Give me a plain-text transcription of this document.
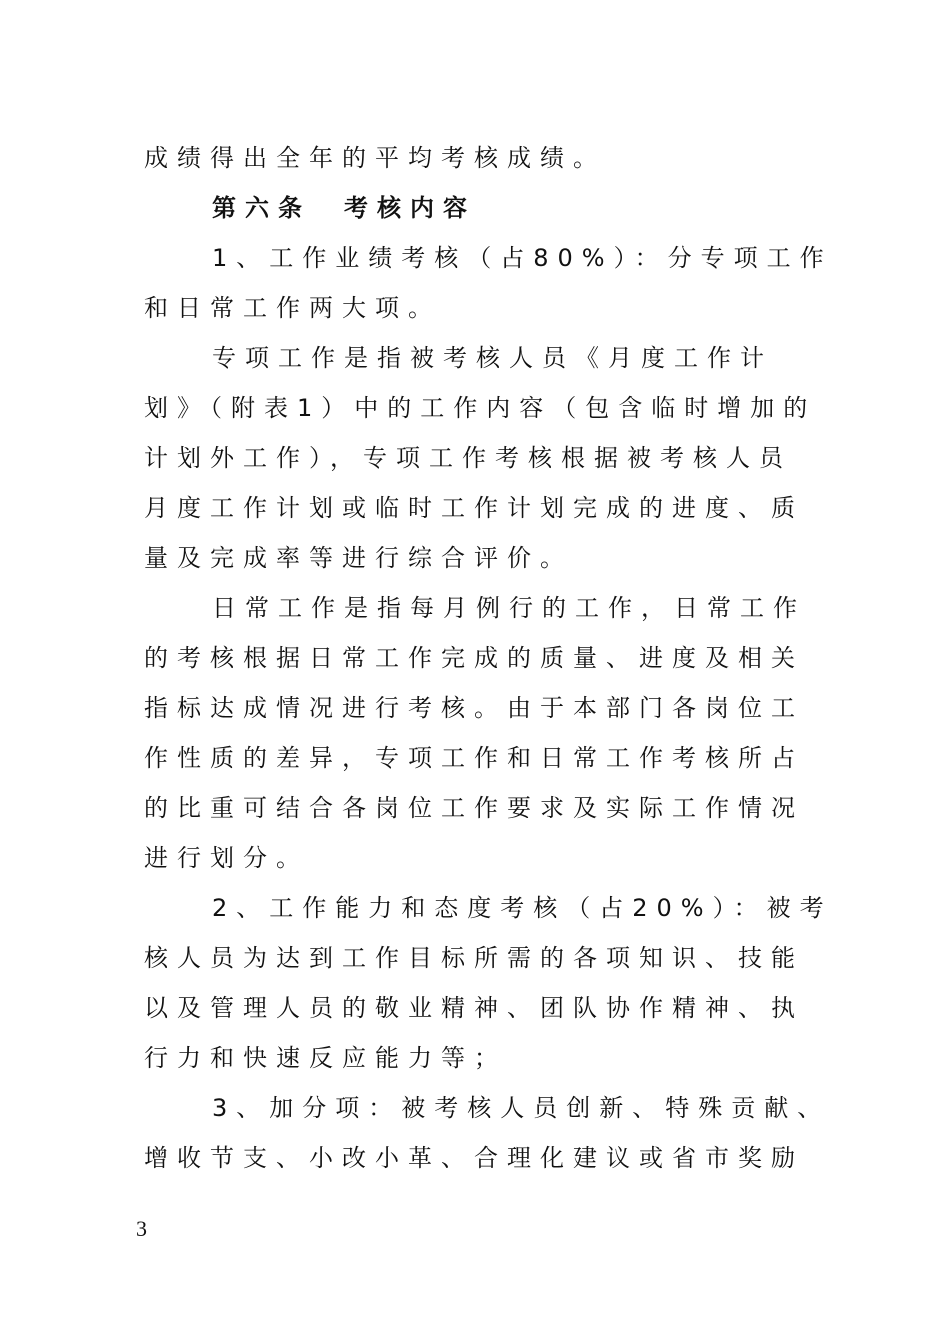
成绩得出全年的平均考核成绩。
第六条　考核内容
1、工作业绩考核（占80%）：分专项工作
和日常工作两大项。
专项工作是指被考核人员《月度工作计
划》（附表1）中的工作内容（包含临时增加的
计划外工作），专项工作考核根据被考核人员
月度工作计划或临时工作计划完成的进度、质
量及完成率等进行综合评价。
日常工作是指每月例行的工作，日常工作
的考核根据日常工作完成的质量、进度及相关
指标达成情况进行考核。由于本部门各岗位工
作性质的差异，专项工作和日常工作考核所占
的比重可结合各岗位工作要求及实际工作情况
进行划分。
2、工作能力和态度考核（占20%）：被考
核人员为达到工作目标所需的各项知识、技能
以及管理人员的敬业精神、团队协作精神、执
行力和快速反应能力等；
3、加分项：被考核人员创新、特殊贡献、
增收节支、小改小革、合理化建议或省市奖励
3
